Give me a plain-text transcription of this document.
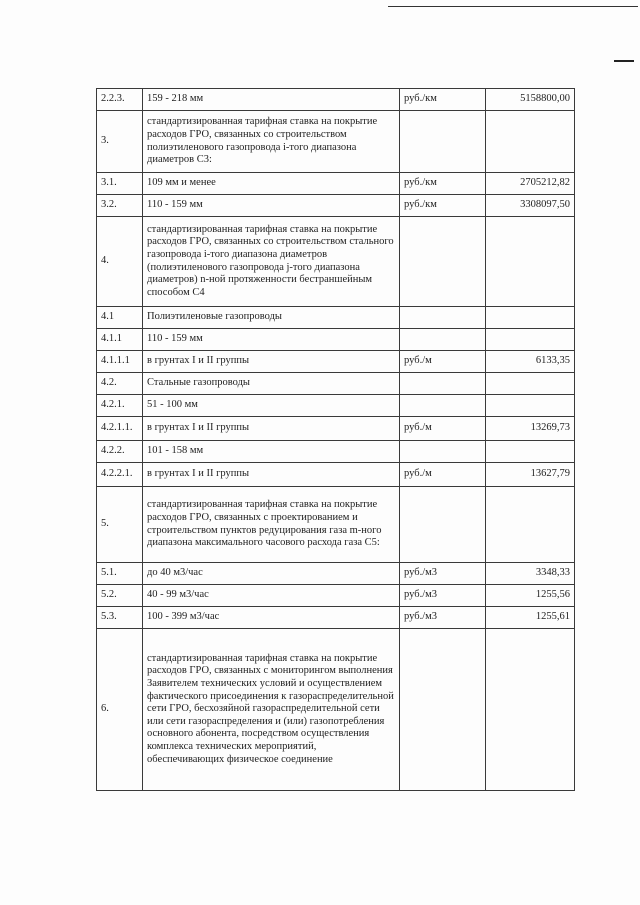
2.2.3.	159 - 218 мм	руб./км	5158800,00
3.	стандартизированная тарифная ставка на покрытие расходов ГРО, связанных со строительством полиэтиленового газопровода i-того диапазона диаметров С3:		
3.1.	109 мм и менее	руб./км	2705212,82
3.2.	110 - 159 мм	руб./км	3308097,50
4.	стандартизированная тарифная ставка на покрытие расходов ГРО, связанных со строительством стального газопровода i-того диапазона диаметров (полиэтиленового газопровода j-того диапазона диаметров) n-ной протяженности бестраншейным способом С4		
4.1	Полиэтиленовые газопроводы		
4.1.1	110 - 159 мм		
4.1.1.1	в грунтах I и II группы	руб./м	6133,35
4.2.	Стальные газопроводы		
4.2.1.	51 - 100 мм		
4.2.1.1.	в грунтах I и II группы	руб./м	13269,73
4.2.2.	101 - 158 мм		
4.2.2.1.	в грунтах I и II группы	руб./м	13627,79
5.	стандартизированная тарифная ставка на покрытие расходов ГРО, связанных с проектированием и строительством пунктов редуцирования газа m-ного диапазона максимального часового расхода газа С5:		
5.1.	до 40 м3/час	руб./м3	3348,33
5.2.	40 - 99 м3/час	руб./м3	1255,56
5.3.	100 - 399 м3/час	руб./м3	1255,61
6.	стандартизированная тарифная ставка на покрытие расходов ГРО, связанных с мониторингом выполнения Заявителем технических условий и осуществлением фактического присоединения к газораспределительной сети ГРО, бесхозяйной газораспределительной сети или сети газораспределения и (или) газопотребления основного абонента, посредством осуществления комплекса технических мероприятий, обеспечивающих физическое соединение		
